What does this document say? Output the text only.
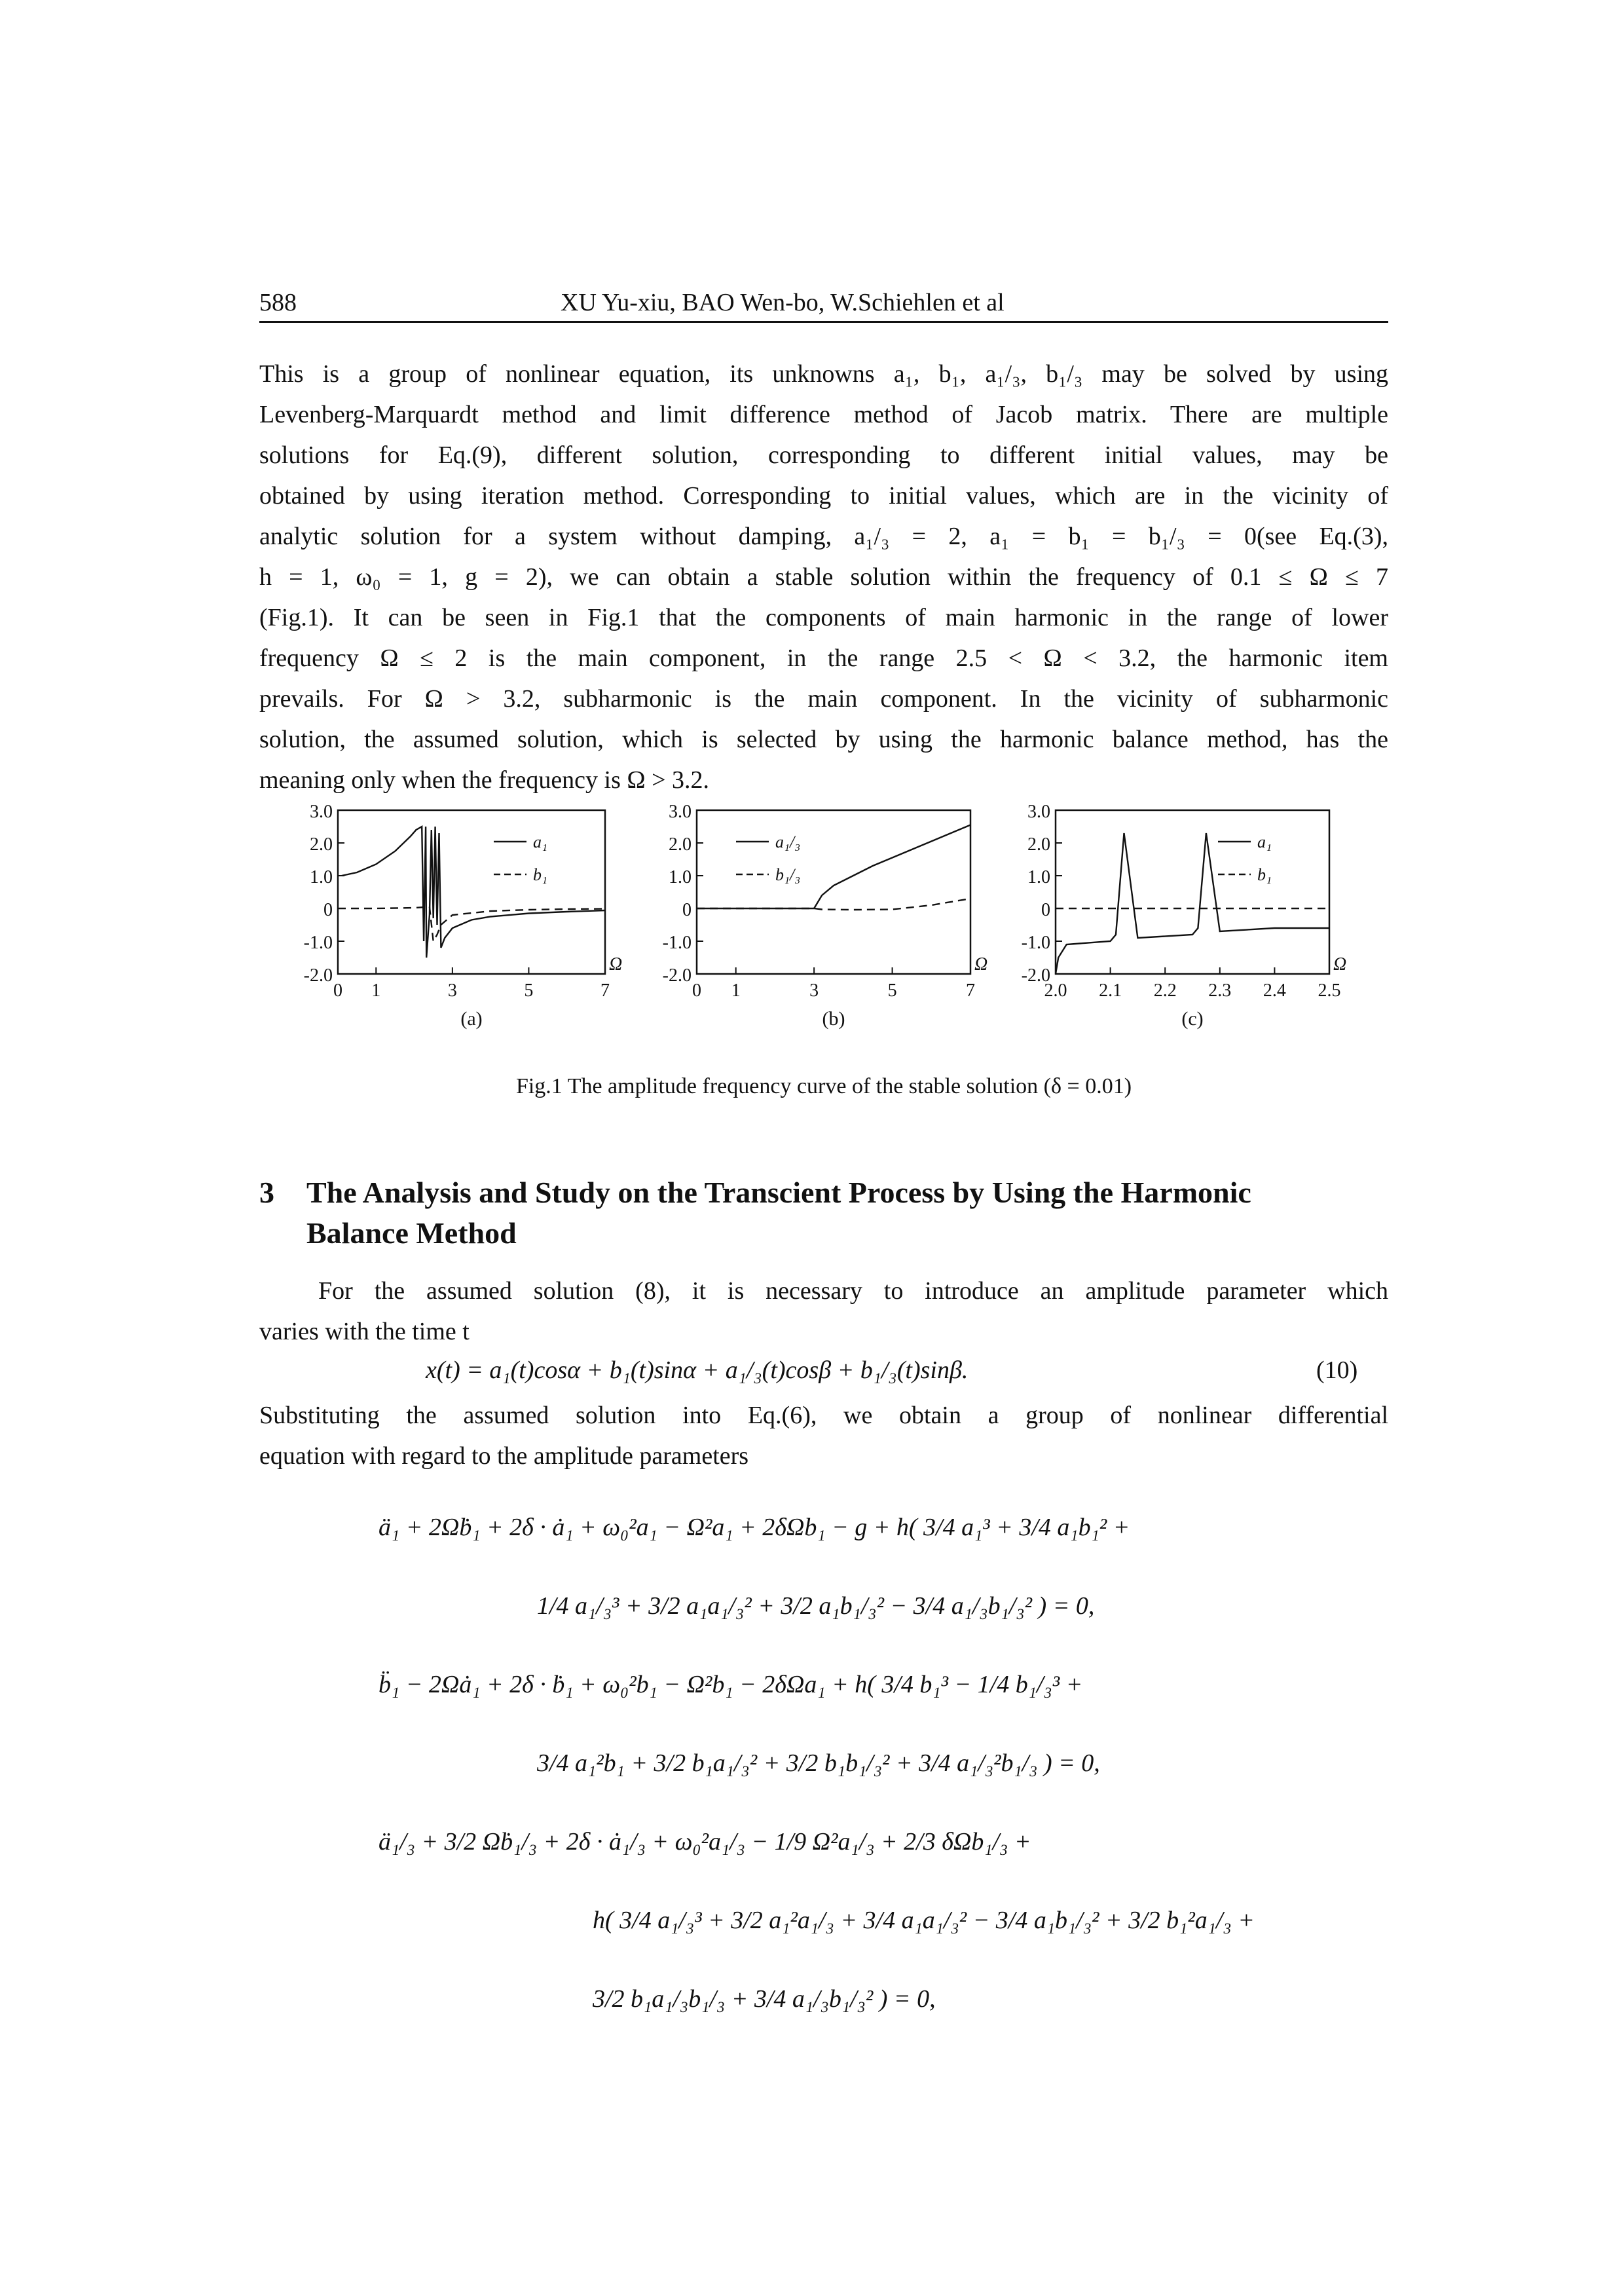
588	XU Yu-xiu, BAO Wen-bo, W.Schiehlen et al
This is a group of nonlinear equation, its unknowns a₁, b₁, a₁/₃, b₁/₃ may be solved by using
Levenberg-Marquardt method and limit difference method of Jacob matrix. There are multiple
solutions for Eq.(9), different solution, corresponding to different initial values, may be
obtained by using iteration method. Corresponding to initial values, which are in the vicinity of
analytic solution for a system without damping, a₁/₃ = 2, a₁ = b₁ = b₁/₃ = 0(see Eq.(3),
h = 1, ω₀ = 1, g = 2), we can obtain a stable solution within the frequency of 0.1 ≤ Ω ≤ 7
(Fig.1). It can be seen in Fig.1 that the components of main harmonic in the range of lower
frequency Ω ≤ 2 is the main component, in the range 2.5 < Ω < 3.2, the harmonic item
prevails. For Ω > 3.2, subharmonic is the main component. In the vicinity of subharmonic
solution, the assumed solution, which is selected by using the harmonic balance method, has the
meaning only when the frequency is Ω > 3.2.
3.0
2.0
1.0
0
-1.0
-2.0
0 1	3	5	7
Ω
(a)
a₁
b₁
3.0
2.0
1.0
0
-1.0
-2.0
0 1	3	5	7
Ω
(b)
a₁/₃
b₁/₃
3.0
2.0
1.0
0
-1.0
-2.0
2.0 2.1 2.2 2.3 2.4 2.5
Ω
(c)
a₁
b₁
Fig.1 The amplitude frequency curve of the stable solution (δ = 0.01)
3 The Analysis and Study on the Transcient Process by Using the Harmonic
Balance Method
For the assumed solution (8), it is necessary to introduce an amplitude parameter which
varies with the time t
x(t) = a₁(t)cosα + b₁(t)sinα + a₁/₃(t)cosβ + b₁/₃(t)sinβ.	(10)
Substituting the assumed solution into Eq.(6), we obtain a group of nonlinear differential
equation with regard to the amplitude parameters
ä₁ + 2Ωḃ₁ + 2δ · ȧ₁ + ω₀²a₁ − Ω²a₁ + 2δΩb₁ − g + h( 3/4 a₁³ + 3/4 a₁b₁² +
1/4 a₁/₃³ + 3/2 a₁a₁/₃² + 3/2 a₁b₁/₃² − 3/4 a₁/₃b₁/₃² ) = 0,
b̈₁ − 2Ωȧ₁ + 2δ · ḃ₁ + ω₀²b₁ − Ω²b₁ − 2δΩa₁ + h( 3/4 b₁³ − 1/4 b₁/₃³ +
3/4 a₁²b₁ + 3/2 b₁a₁/₃² + 3/2 b₁b₁/₃² + 3/4 a₁/₃²b₁/₃ ) = 0,
ä₁/₃ + 3/2 Ωḃ₁/₃ + 2δ · ȧ₁/₃ + ω₀²a₁/₃ − 1/9 Ω²a₁/₃ + 2/3 δΩb₁/₃ +
h( 3/4 a₁/₃³ + 3/2 a₁²a₁/₃ + 3/4 a₁a₁/₃² − 3/4 a₁b₁/₃² + 3/2 b₁²a₁/₃ +
3/2 b₁a₁/₃b₁/₃ + 3/4 a₁/₃b₁/₃² ) = 0,
